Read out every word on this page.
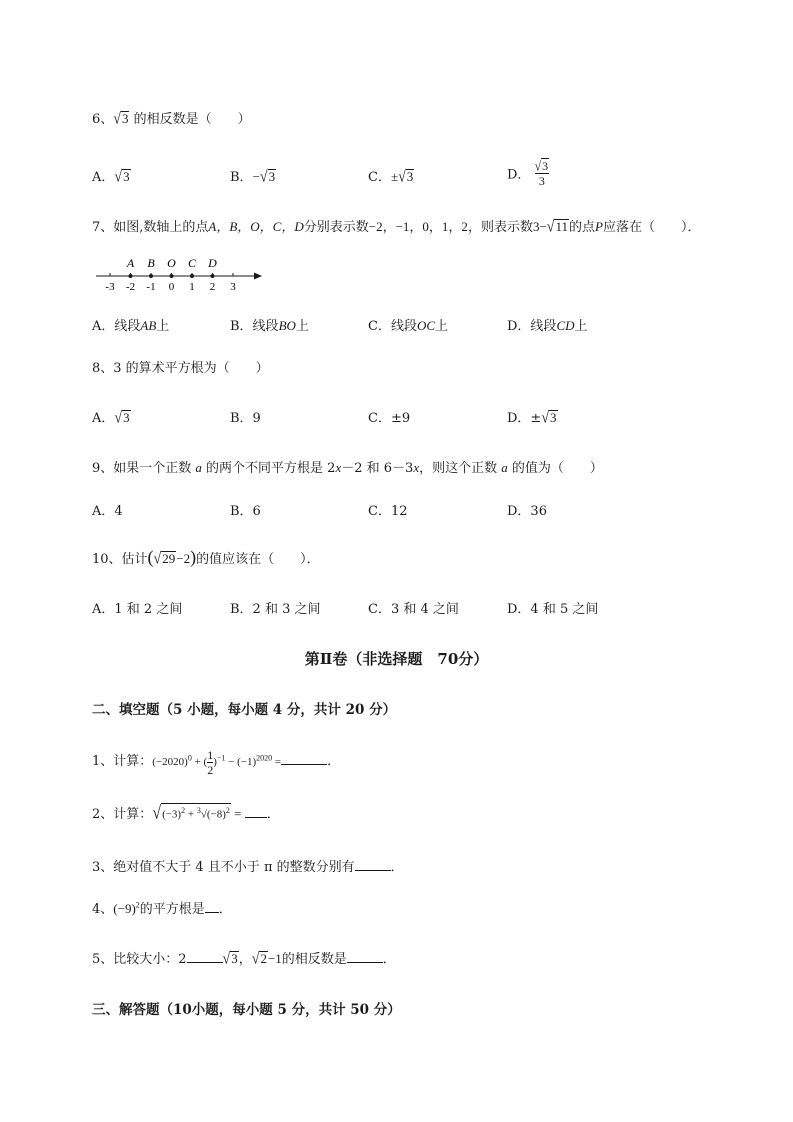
6、√3 的相反数是（　　）
A．√3	B．−√3	C．±√3	D． $\frac{√3}{3}$
7、如图,数轴上的点A，B，O，C，D分别表示数−2，−1，0，1，2，则表示数3−√11的点P应落在（　　）．
-3 -2 -1 0 1 2 3
A B O C D
A．线段AB上	B．线段BO上	C．线段OC上	D．线段CD上
8、3 的算术平方根为（　　）
A．√3	B．9	C．±9	D．±√3
9、如果一个正数 a 的两个不同平方根是 2x－2 和 6－3x，则这个正数 a 的值为（　　）
A．4	B．6	C．12	D．36
10、估计(√29−2)的值应该在（　　）．
A．1 和 2 之间	B．2 和 3 之间	C．3 和 4 之间	D．4 和 5 之间
第Ⅱ卷（非选择题　70分）
二、填空题（5 小题，每小题 4 分，共计 20 分）
1、计算：$(-2020)^0$ + ( $\frac{1}{2} )^{-1} - (-1)^{2020}$ =	．
2、计算：$√(-3)^2 + ^3√(-8)^2$ = ．
3、绝对值不大于 4 且不小于 π 的整数分别有	．
4、$(-9)^2$的平方根是 ．
5、比较大小：2	√3，√2−1的相反数是	．
三、解答题（10小题，每小题 5 分，共计 50 分）
